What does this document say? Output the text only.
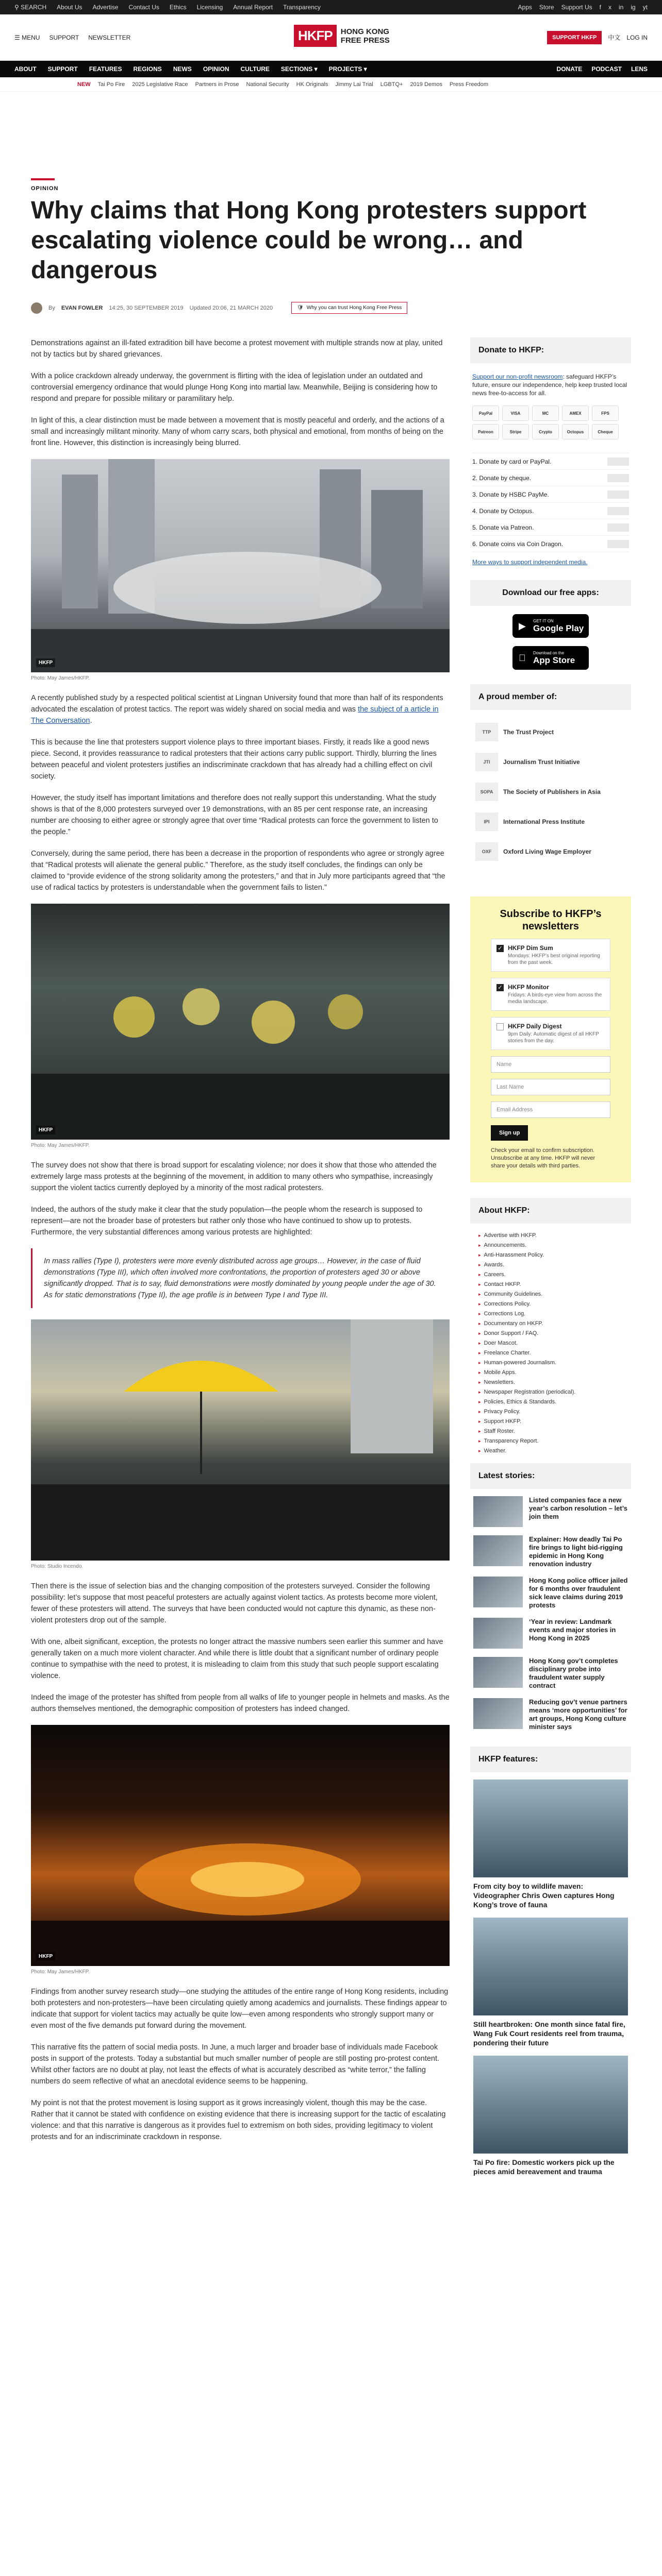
⚲ SEARCH About Us Advertise Contact Us Ethics Licensing Annual Report Transparency	Apps Store Support Us f x in ig yt
☰ MENU SUPPORT NEWSLETTER	HKFP	HONG KONG
FREE PRESS	SUPPORT HKFP	中文 LOG IN
ABOUT SUPPORT FEATURES REGIONS NEWS OPINION CULTURE SECTIONS ▾ PROJECTS ▾	DONATE PODCAST LENS
NEW Tai Po Fire 2025 Legislative Race Partners in Prose National Security HK Originals Jimmy Lai Trial LGBTQ+ 2019 Demos Press Freedom
OPINION
Why claims that Hong Kong protesters support escalating violence could be wrong… and dangerous
By EVAN FOWLER 14:25, 30 SEPTEMBER 2019 Updated 20:06, 21 MARCH 2020	🛡 Why you can trust Hong Kong Free Press

Demonstrations against an ill-fated extradition bill have become a protest movement with multiple strands now at play, united not by tactics but by shared grievances.

With a police crackdown already underway, the government is flirting with the idea of legislation under an outdated and controversial emergency ordinance that would plunge Hong Kong into martial law. Meanwhile, Beijing is considering how to respond and prepare for possible military or paramilitary help.

In light of this, a clear distinction must be made between a movement that is mostly peaceful and orderly, and the actions of a small and increasingly militant minority. Many of whom carry scars, both physical and emotional, from months of being on the front line. However, this distinction is increasingly being blurred.

HKFP
Photo: May James/HKFP.

A recently published study by a respected political scientist at Lingnan University found that more than half of its respondents advocated the escalation of protest tactics. The report was widely shared on social media and was the subject of a article in The Conversation.

This is because the line that protesters support violence plays to three important biases. Firstly, it reads like a good news piece. Second, it provides reassurance to radical protesters that their actions carry public support. Thirdly, blurring the lines between peaceful and violent protesters justifies an indiscriminate crackdown that has already had a chilling effect on civil society.

However, the study itself has important limitations and therefore does not really support this understanding. What the study shows is that of the 8,000 protesters surveyed over 19 demonstrations, with an 85 per cent response rate, an increasing number are choosing to either agree or strongly agree that over time “Radical protests can force the government to listen to the people.”

Conversely, during the same period, there has been a decrease in the proportion of respondents who agree or strongly agree that “Radical protests will alienate the general public.” Therefore, as the study itself concludes, the findings can only be claimed to “provide evidence of the strong solidarity among the protesters,” and that in July more participants agreed that “the use of radical tactics by protesters is understandable when the government fails to listen.”

HKFP
Photo: May James/HKFP.

The survey does not show that there is broad support for escalating violence; nor does it show that those who attended the extremely large mass protests at the beginning of the movement, in addition to many others who sympathise, increasingly support the violent tactics currently deployed by a minority of the most radical protesters.

Indeed, the authors of the study make it clear that the study population—the people whom the research is supposed to represent—are not the broader base of protesters but rather only those who have continued to show up to protests. Furthermore, the very substantial differences among various protests are highlighted:

In mass rallies (Type I), protesters were more evenly distributed across age groups… However, in the case of fluid demonstrations (Type III), which often involved more confrontations, the proportion of protesters aged 30 or above significantly dropped. That is to say, fluid demonstrations were mostly dominated by young people under the age of 30. As for static demonstrations (Type II), the age profile is in between Type I and Type III.
Photo: Studio Incendo.

Then there is the issue of selection bias and the changing composition of the protesters surveyed. Consider the following possibility: let’s suppose that most peaceful protesters are actually against violent tactics. As protests become more violent, fewer of these protesters will attend. The surveys that have been conducted would not capture this dynamic, as these non-violent protesters drop out of the sample.

With one, albeit significant, exception, the protests no longer attract the massive numbers seen earlier this summer and have generally taken on a much more violent character. And while there is little doubt that a significant number of ordinary people continue to sympathise with the need to protest, it is misleading to claim from this study that such people support escalating violence.

Indeed the image of the protester has shifted from people from all walks of life to younger people in helmets and masks. As the authors themselves mentioned, the demographic composition of protesters has indeed changed.

HKFP
Photo: May James/HKFP.

Findings from another survey research study—one studying the attitudes of the entire range of Hong Kong residents, including both protesters and non-protesters—have been circulating quietly among academics and journalists. These findings appear to indicate that support for violent tactics may actually be quite low—even among respondents who strongly support many or even most of the five demands put forward during the movement.

This narrative fits the pattern of social media posts. In June, a much larger and broader base of individuals made Facebook posts in support of the protests. Today a substantial but much smaller number of people are still posting pro-protest content. Whilst other factors are no doubt at play, not least the effects of what is accurately described as “white terror,” the falling numbers do seem reflective of what an anecdotal evidence seems to be happening.

My point is not that the protest movement is losing support as it grows increasingly violent, though this may be the case. Rather that it cannot be stated with confidence on existing evidence that there is increasing support for the tactic of escalating violence: and that this narrative is dangerous as it provides fuel to extremism on both sides, providing legitimacy to violent protests and for an indiscriminate crackdown in response.

Donate to HKFP:

Support our non-profit newsroom: safeguard HKFP’s future, ensure our independence, help keep trusted local news free-to-access for all.

PayPal	VISA	MC	AMEX	FPS
Patreon	Stripe	Crypto	Octopus	Cheque
1. Donate by card or PayPal.
2. Donate by cheque.
3. Donate by HSBC PayMe.
4. Donate by Octopus.
5. Donate via Patreon.
6. Donate coins via Coin Dragon.
More ways to support independent media.
Download our free apps:
▶ GET IT ON
Google Play
Download on the
App Store
A proud member of:
TTP	The Trust Project
JTI	Journalism Trust Initiative
SOPA	The Society of Publishers in Asia
IPI	International Press Institute
OXF	Oxford Living Wage Employer
Subscribe to HKFP’s newsletters
✓ HKFP Dim Sum
Mondays: HKFP’s best original reporting from the past week.
✓ HKFP Monitor
Fridays: A birds-eye view from across the media landscape.
HKFP Daily Digest
9pm Daily: Automatic digest of all HKFP stories from the day.
Name
Last Name
Email Address
Sign up
Check your email to confirm subscription. Unsubscribe at any time. HKFP will never share your details with third parties.
About HKFP:
▸ Advertise with HKFP.
▸ Announcements.
▸ Anti-Harassment Policy.
▸ Awards.
▸ Careers.
▸ Contact HKFP.
▸ Community Guidelines.
▸ Corrections Policy.
▸ Corrections Log.
▸ Documentary on HKFP.
▸ Donor Support / FAQ.
▸ Doer Mascot.
▸ Freelance Charter.
▸ Human-powered Journalism.
▸ Mobile Apps.
▸ Newsletters.
▸ Newspaper Registration (periodical).
▸ Policies, Ethics & Standards.
▸ Privacy Policy.
▸ Support HKFP.
▸ Staff Roster.
▸ Transparency Report.
▸ Weather.
Latest stories:
Listed companies face a new year’s carbon resolution – let’s join them
Explainer: How deadly Tai Po fire brings to light bid-rigging epidemic in Hong Kong renovation industry
Hong Kong police officer jailed for 6 months over fraudulent sick leave claims during 2019 protests
‘Year in review: Landmark events and major stories in Hong Kong in 2025
Hong Kong gov’t completes disciplinary probe into fraudulent water supply contract
Reducing gov’t venue partners means ‘more opportunities’ for art groups, Hong Kong culture minister says
HKFP features:
From city boy to wildlife maven: Videographer Chris Owen captures Hong Kong’s trove of fauna
Still heartbroken: One month since fatal fire, Wang Fuk Court residents reel from trauma, pondering their future
Tai Po fire: Domestic workers pick up the pieces amid bereavement and trauma
